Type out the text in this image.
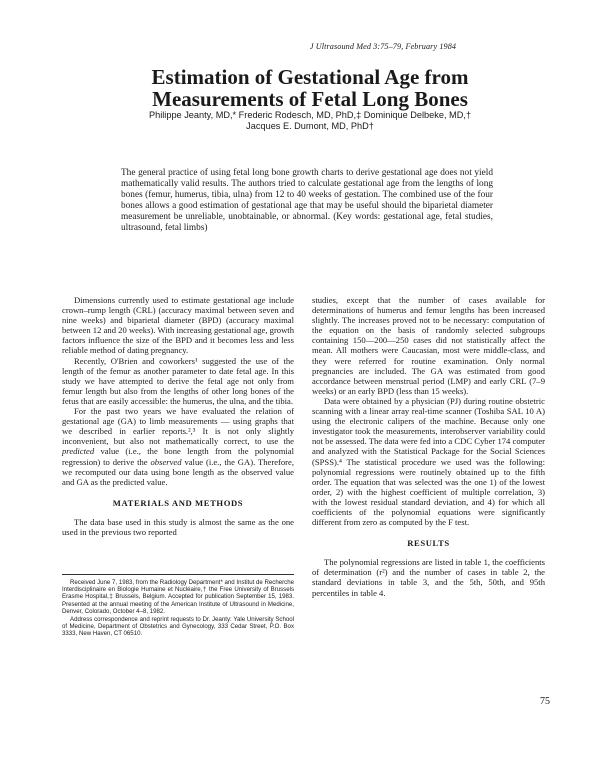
J Ultrasound Med 3:75–79, February 1984
Estimation of Gestational Age from
Measurements of Fetal Long Bones
Philippe Jeanty, MD,* Frederic Rodesch, MD, PhD,‡ Dominique Delbeke, MD,†
Jacques E. Dumont, MD, PhD†

The general practice of using fetal long bone growth charts to derive gestational age does not yield mathematically valid results. The authors tried to calculate gestational age from the lengths of long bones (femur, humerus, tibia, ulna) from 12 to 40 weeks of gestation. The combined use of the four bones allows a good estimation of gestational age that may be useful should the biparietal diameter measurement be unreliable, unobtainable, or abnormal. (Key words: gestational age, fetal studies, ultrasound, fetal limbs)

Dimensions currently used to estimate gestational age include crown–rump length (CRL) (accuracy maximal between seven and nine weeks) and biparietal diameter (BPD) (accuracy maximal between 12 and 20 weeks). With increasing gestational age, growth factors influence the size of the BPD and it becomes less and less reliable method of dating pregnancy.

Recently, O'Brien and coworkers¹ suggested the use of the length of the femur as another parameter to date fetal age. In this study we have attempted to derive the fetal age not only from femur length but also from the lengths of other long bones of the fetus that are easily accessible: the humerus, the ulna, and the tibia.

For the past two years we have evaluated the relation of gestational age (GA) to limb measurements — using graphs that we described in earlier reports.²,³ It is not only slightly inconvenient, but also not mathematically correct, to use the predicted value (i.e., the bone length from the polynomial regression) to derive the observed value (i.e., the GA). Therefore, we recomputed our data using bone length as the observed value and GA as the predicted value.

MATERIALS AND METHODS

The data base used in this study is almost the same as the one used in the previous two reported

Received June 7, 1983, from the Radiology Department* and Institut de Recherche Interdisciplinaire en Biologie Humaine et Nucléaire,† the Free University of Brussels Erasme Hospital,‡ Brussels, Belgium. Accepted for publication September 15, 1983. Presented at the annual meeting of the American Institute of Ultrasound in Medicine, Denver, Colorado, October 4–8, 1982.

Address correspondence and reprint requests to Dr. Jeanty: Yale University School of Medicine, Department of Obstetrics and Gynecology, 333 Cedar Street, P.O. Box 3333, New Haven, CT 06510.

studies, except that the number of cases available for determinations of humerus and femur lengths has been increased slightly. The increases proved not to be necessary: computation of the equation on the basis of randomly selected subgroups containing 150—200—250 cases did not statistically affect the mean. All mothers were Caucasian, most were middle-class, and they were referred for routine examination. Only normal pregnancies are included. The GA was estimated from good accordance between menstrual period (LMP) and early CRL (7–9 weeks) or an early BPD (less than 15 weeks).

Data were obtained by a physician (PJ) during routine obstetric scanning with a linear array real-time scanner (Toshiba SAL 10 A) using the electronic calipers of the machine. Because only one investigator took the measurements, interobserver variability could not be assessed. The data were fed into a CDC Cyber 174 computer and analyzed with the Statistical Package for the Social Sciences (SPSS).⁴ The statistical procedure we used was the following: polynomial regressions were routinely obtained up to the fifth order. The equation that was selected was the one 1) of the lowest order, 2) with the highest coefficient of multiple correlation, 3) with the lowest residual standard deviation, and 4) for which all coefficients of the polynomial equations were significantly different from zero as computed by the F test.

RESULTS

The polynomial regressions are listed in table 1, the coefficients of determination (r²) and the number of cases in table 2, the standard deviations in table 3, and the 5th, 50th, and 95th percentiles in table 4.

75
